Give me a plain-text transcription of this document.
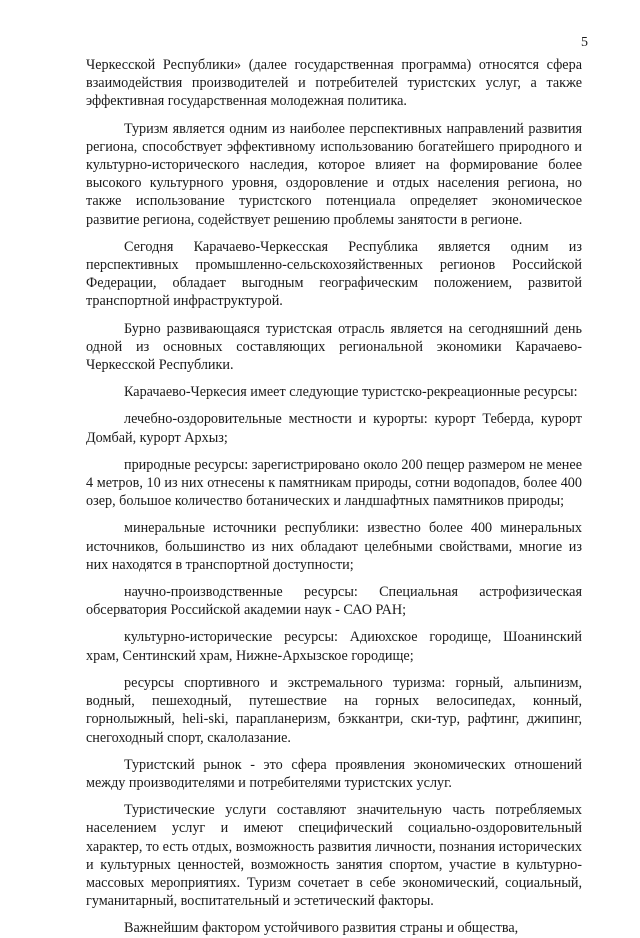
5

Черкесской Республики» (далее государственная программа) относятся сфера взаимодействия производителей и потребителей туристских услуг, а также эффективная государственная молодежная политика.

Туризм является одним из наиболее перспективных направлений развития региона, способствует эффективному использованию богатейшего природного и культурно-исторического наследия, которое влияет на формирование более высокого культурного уровня, оздоровление и отдых населения региона, но также использование туристского потенциала определяет экономическое развитие региона, содействует решению проблемы занятости в регионе.

Сегодня Карачаево-Черкесская Республика является одним из перспективных промышленно-сельскохозяйственных регионов Российской Федерации, обладает выгодным географическим положением, развитой транспортной инфраструктурой.

Бурно развивающаяся туристская отрасль является на сегодняшний день одной из основных составляющих региональной экономики Карачаево-Черкесской Республики.

Карачаево-Черкесия имеет следующие туристско-рекреационные ресурсы:

лечебно-оздоровительные местности и курорты: курорт Теберда, курорт Домбай, курорт Архыз;

природные ресурсы: зарегистрировано около 200 пещер размером не менее 4 метров, 10 из них отнесены к памятникам природы, сотни водопадов, более 400 озер, большое количество ботанических и ландшафтных памятников природы;

минеральные источники республики: известно более 400 минеральных источников, большинство из них обладают целебными свойствами, многие из них находятся в транспортной доступности;

научно-производственные ресурсы: Специальная астрофизическая обсерватория Российской академии наук - САО РАН;

культурно-исторические ресурсы: Адиюхское городище, Шоанинский храм, Сентинский храм, Нижне-Архызское городище;

ресурсы спортивного и экстремального туризма: горный, альпинизм, водный, пешеходный, путешествие на горных велосипедах, конный, горнолыжный, heli-ski, парапланеризм, бэккантри, ски-тур, рафтинг, джипинг, снегоходный спорт, скалолазание.

Туристский рынок - это сфера проявления экономических отношений между производителями и потребителями туристских услуг.

Туристические услуги составляют значительную часть потребляемых населением услуг и имеют специфический социально-оздоровительный характер, то есть отдых, возможность развития личности, познания исторических и культурных ценностей, возможность занятия спортом, участие в культурно-массовых мероприятиях. Туризм сочетает в себе экономический, социальный, гуманитарный, воспитательный и эстетический факторы.

Важнейшим фактором устойчивого развития страны и общества,
